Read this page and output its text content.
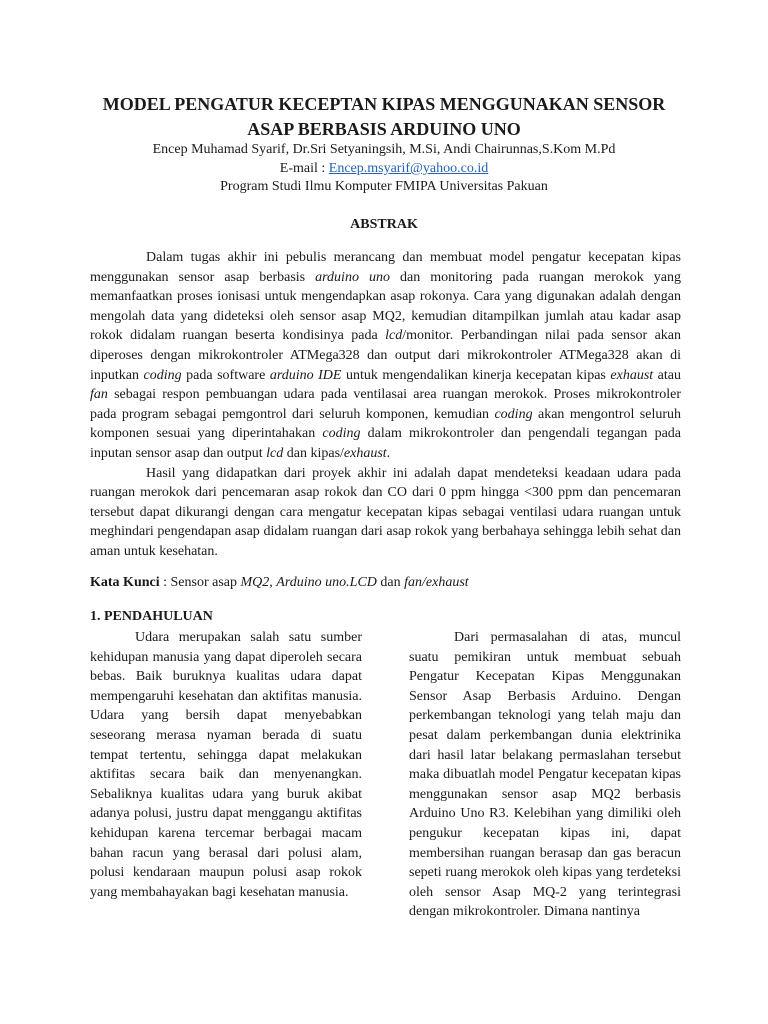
MODEL PENGATUR KECEPTAN KIPAS MENGGUNAKAN SENSOR
ASAP BERBASIS ARDUINO UNO
Encep Muhamad Syarif, Dr.Sri Setyaningsih, M.Si, Andi Chairunnas,S.Kom M.Pd
E-mail : Encep.msyarif@yahoo.co.id
Program Studi Ilmu Komputer FMIPA Universitas Pakuan
ABSTRAK

Dalam tugas akhir ini pebulis merancang dan membuat model pengatur kecepatan kipas menggunakan sensor asap berbasis arduino uno dan monitoring pada ruangan merokok yang memanfaatkan proses ionisasi untuk mengendapkan asap rokonya. Cara yang digunakan adalah dengan mengolah data yang dideteksi oleh sensor asap MQ2, kemudian ditampilkan jumlah atau kadar asap rokok didalam ruangan beserta kondisinya pada lcd/monitor. Perbandingan nilai pada sensor akan diperoses dengan mikrokontroler ATMega328 dan output dari mikrokontroler ATMega328 akan di inputkan coding pada software arduino IDE untuk mengendalikan kinerja kecepatan kipas exhaust atau fan sebagai respon pembuangan udara pada ventilasai area ruangan merokok. Proses mikrokontroler pada program sebagai pemgontrol dari seluruh komponen, kemudian coding akan mengontrol seluruh komponen sesuai yang diperintahakan coding dalam mikrokontroler dan pengendali tegangan pada inputan sensor asap dan output lcd dan kipas/exhaust.

Hasil yang didapatkan dari proyek akhir ini adalah dapat mendeteksi keadaan udara pada ruangan merokok dari pencemaran asap rokok dan CO dari 0 ppm hingga <300 ppm dan pencemaran tersebut dapat dikurangi dengan cara mengatur kecepatan kipas sebagai ventilasi udara ruangan untuk meghindari pengendapan asap didalam ruangan dari asap rokok yang berbahaya sehingga lebih sehat dan aman untuk kesehatan.

Kata Kunci : Sensor asap MQ2, Arduino uno.LCD dan fan/exhaust
1. PENDAHULUAN

Udara merupakan salah satu sumber kehidupan manusia yang dapat diperoleh secara bebas. Baik buruknya kualitas udara dapat mempengaruhi kesehatan dan aktifitas manusia. Udara yang bersih dapat menyebabkan seseorang merasa nyaman berada di suatu tempat tertentu, sehingga dapat melakukan aktifitas secara baik dan menyenangkan. Sebaliknya kualitas udara yang buruk akibat adanya polusi, justru dapat menggangu aktifitas kehidupan karena tercemar berbagai macam bahan racun yang berasal dari polusi alam, polusi kendaraan maupun polusi asap rokok yang membahayakan bagi kesehatan manusia.

Dari permasalahan di atas, muncul suatu pemikiran untuk membuat sebuah Pengatur Kecepatan Kipas Menggunakan Sensor Asap Berbasis Arduino. Dengan perkembangan teknologi yang telah maju dan pesat dalam perkembangan dunia elektrinika dari hasil latar belakang permaslahan tersebut maka dibuatlah model Pengatur kecepatan kipas menggunakan sensor asap MQ2 berbasis Arduino Uno R3. Kelebihan yang dimiliki oleh pengukur kecepatan kipas ini, dapat membersihan ruangan berasap dan gas beracun sepeti ruang merokok oleh kipas yang terdeteksi oleh sensor Asap MQ-2 yang terintegrasi dengan mikrokontroler. Dimana nantinya
